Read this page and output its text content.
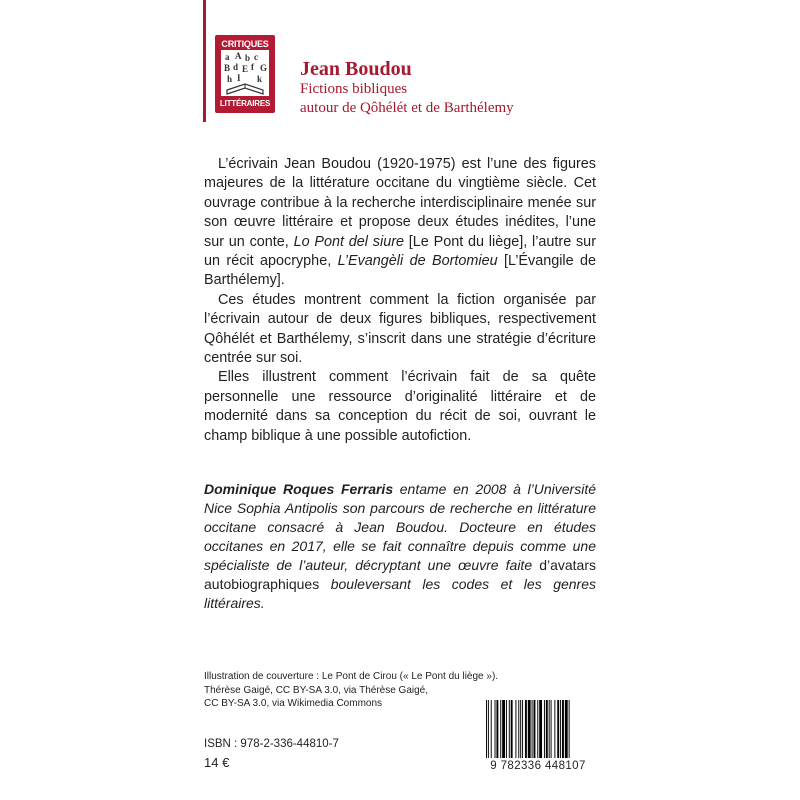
CRITIQUES
a A b c
B d E f G
h I k
LITTÉRAIRES
Jean Boudou
Fictions bibliques
autour de Qôhélét et de Barthélemy

L’écrivain Jean Boudou (1920-1975) est l’une des figures majeures de la littérature occitane du vingtième siècle. Cet ouvrage contribue à la recherche interdisciplinaire menée sur son œuvre littéraire et propose deux études inédites, l’une sur un conte, Lo Pont del siure [Le Pont du liège], l’autre sur un récit apocryphe, L’Evangèli de Bortomieu [L’Évangile de Barthélemy].

Ces études montrent comment la fiction organisée par l’écrivain autour de deux figures bibliques, respectivement Qôhélét et Barthélemy, s’inscrit dans une stratégie d’écriture centrée sur soi.

Elles illustrent comment l’écrivain fait de sa quête personnelle une ressource d’originalité littéraire et de modernité dans sa conception du récit de soi, ouvrant le champ biblique à une possible autofiction.

Dominique Roques Ferraris entame en 2008 à l’Université Nice Sophia Antipolis son parcours de recherche en littérature occitane consacré à Jean Boudou. Docteure en études occitanes en 2017, elle se fait connaître depuis comme une spécialiste de l’auteur, décryptant une œuvre faite d’avatars autobiographiques bouleversant les codes et les genres littéraires.

Illustration de couverture : Le Pont de Cirou (« Le Pont du liège »).
Thérèse Gaigé, CC BY-SA 3.0, via Thérèse Gaigé,
CC BY-SA 3.0, via Wikimedia Commons
ISBN : 978-2-336-44810-7
14 €	9 782336 448107
